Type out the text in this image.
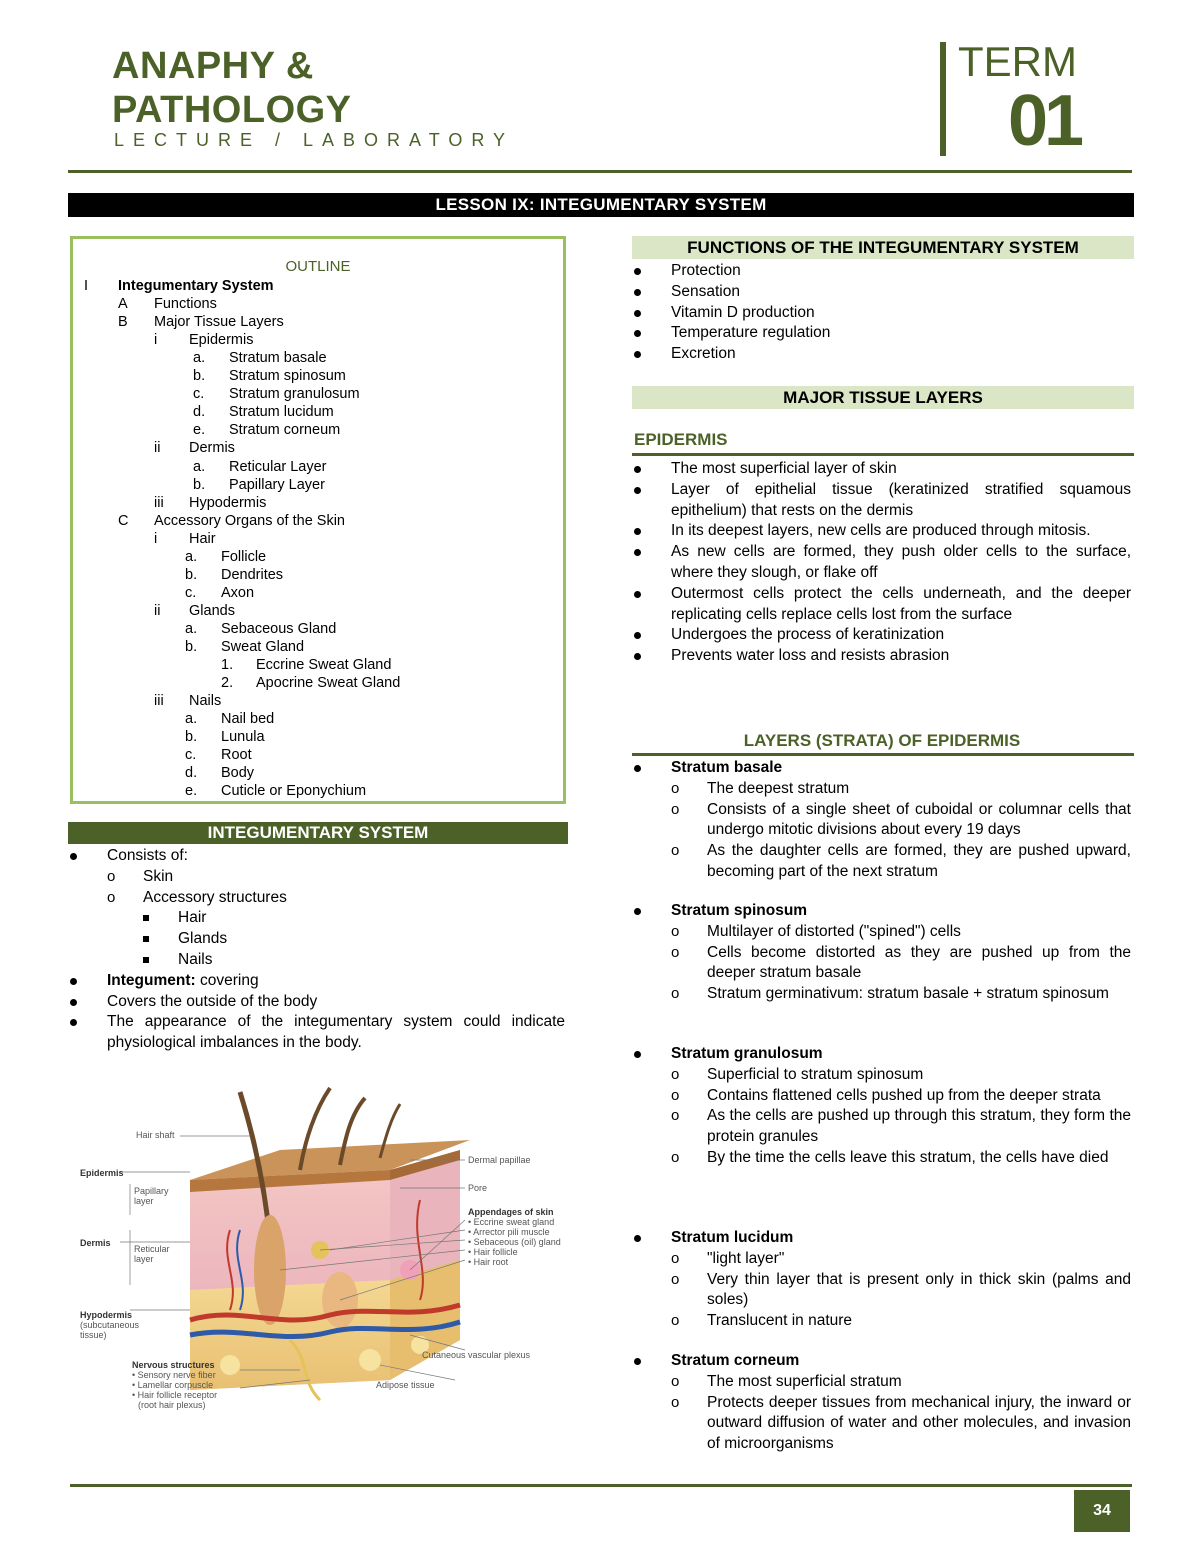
ANAPHY &
PATHOLOGY
LECTURE / LABORATORY
TERM
01
LESSON IX: INTEGUMENTARY SYSTEM
OUTLINE
I Integumentary System
A Functions
B Major Tissue Layers
i Epidermis
a. Stratum basale
b. Stratum spinosum
c. Stratum granulosum
d. Stratum lucidum
e. Stratum corneum
ii Dermis
a. Reticular Layer
b. Papillary Layer
iii Hypodermis
C Accessory Organs of the Skin
i Hair
a. Follicle
b. Dendrites
c. Axon
ii Glands
a. Sebaceous Gland
b. Sweat Gland
1. Eccrine Sweat Gland
2. Apocrine Sweat Gland
iii Nails
a. Nail bed
b. Lunula
c. Root
d. Body
e. Cuticle or Eponychium
INTEGUMENTARY SYSTEM
Consists of:
o Skin
o Accessory structures
Hair
Glands
Nails
Integument: covering
Covers the outside of the body
The appearance of the integumentary system could indicate physiological imbalances in the body.
Hair shaft
Epidermis
Papillary
layer
Dermis
Reticular
layer
Hypodermis
(subcutaneous
tissue)
Nervous structures
• Sensory nerve fiber
• Lamellar corpuscle
• Hair follicle receptor
(root hair plexus)
Dermal papillae
Pore
Appendages of skin
• Eccrine sweat gland
• Arrector pili muscle
• Sebaceous (oil) gland
• Hair follicle
• Hair root
Cutaneous vascular plexus
Adipose tissue
FUNCTIONS OF THE INTEGUMENTARY SYSTEM
Protection
Sensation
Vitamin D production
Temperature regulation
Excretion
MAJOR TISSUE LAYERS
EPIDERMIS
The most superficial layer of skin
Layer of epithelial tissue (keratinized stratified squamous epithelium) that rests on the dermis
In its deepest layers, new cells are produced through mitosis.
As new cells are formed, they push older cells to the surface, where they slough, or flake off
Outermost cells protect the cells underneath, and the deeper replicating cells replace cells lost from the surface
Undergoes the process of keratinization
Prevents water loss and resists abrasion
LAYERS (STRATA) OF EPIDERMIS
Stratum basale
o The deepest stratum
o Consists of a single sheet of cuboidal or columnar cells that undergo mitotic divisions about every 19 days
o As the daughter cells are formed, they are pushed upward, becoming part of the next stratum
Stratum spinosum
o Multilayer of distorted ("spined") cells
o Cells become distorted as they are pushed up from the deeper stratum basale
o Stratum germinativum: stratum basale + stratum spinosum
Stratum granulosum
o Superficial to stratum spinosum
o Contains flattened cells pushed up from the deeper strata
o As the cells are pushed up through this stratum, they form the protein granules
o By the time the cells leave this stratum, the cells have died
Stratum lucidum
o "light layer"
o Very thin layer that is present only in thick skin (palms and soles)
o Translucent in nature
Stratum corneum
o The most superficial stratum
o Protects deeper tissues from mechanical injury, the inward or outward diffusion of water and other molecules, and invasion of microorganisms
34
